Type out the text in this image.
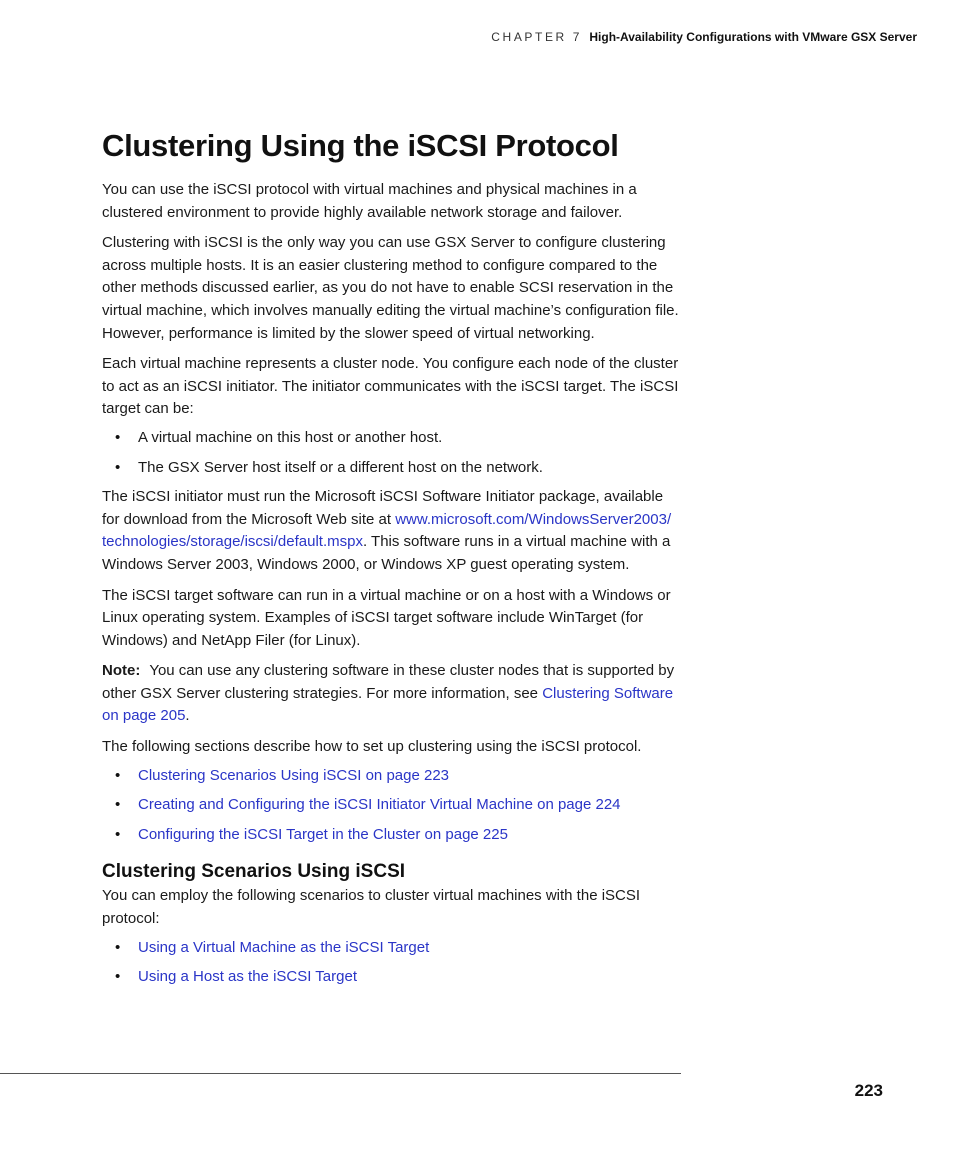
CHAPTER 7 High-Availability Configurations with VMware GSX Server
Clustering Using the iSCSI Protocol

You can use the iSCSI protocol with virtual machines and physical machines in a clustered environment to provide highly available network storage and failover.

Clustering with iSCSI is the only way you can use GSX Server to configure clustering across multiple hosts. It is an easier clustering method to configure compared to the other methods discussed earlier, as you do not have to enable SCSI reservation in the virtual machine, which involves manually editing the virtual machine’s configuration file. However, performance is limited by the slower speed of virtual networking.

Each virtual machine represents a cluster node. You configure each node of the cluster to act as an iSCSI initiator. The initiator communicates with the iSCSI target. The iSCSI target can be:

• A virtual machine on this host or another host.
• The GSX Server host itself or a different host on the network.

The iSCSI initiator must run the Microsoft iSCSI Software Initiator package, available for download from the Microsoft Web site at www.microsoft.com/WindowsServer2003/ technologies/storage/iscsi/default.mspx. This software runs in a virtual machine with a Windows Server 2003, Windows 2000, or Windows XP guest operating system.

The iSCSI target software can run in a virtual machine or on a host with a Windows or Linux operating system. Examples of iSCSI target software include WinTarget (for Windows) and NetApp Filer (for Linux).

Note: You can use any clustering software in these cluster nodes that is supported by other GSX Server clustering strategies. For more information, see Clustering Software on page 205.

The following sections describe how to set up clustering using the iSCSI protocol.

• Clustering Scenarios Using iSCSI on page 223
• Creating and Configuring the iSCSI Initiator Virtual Machine on page 224
• Configuring the iSCSI Target in the Cluster on page 225
Clustering Scenarios Using iSCSI

You can employ the following scenarios to cluster virtual machines with the iSCSI protocol:

• Using a Virtual Machine as the iSCSI Target
• Using a Host as the iSCSI Target
223
